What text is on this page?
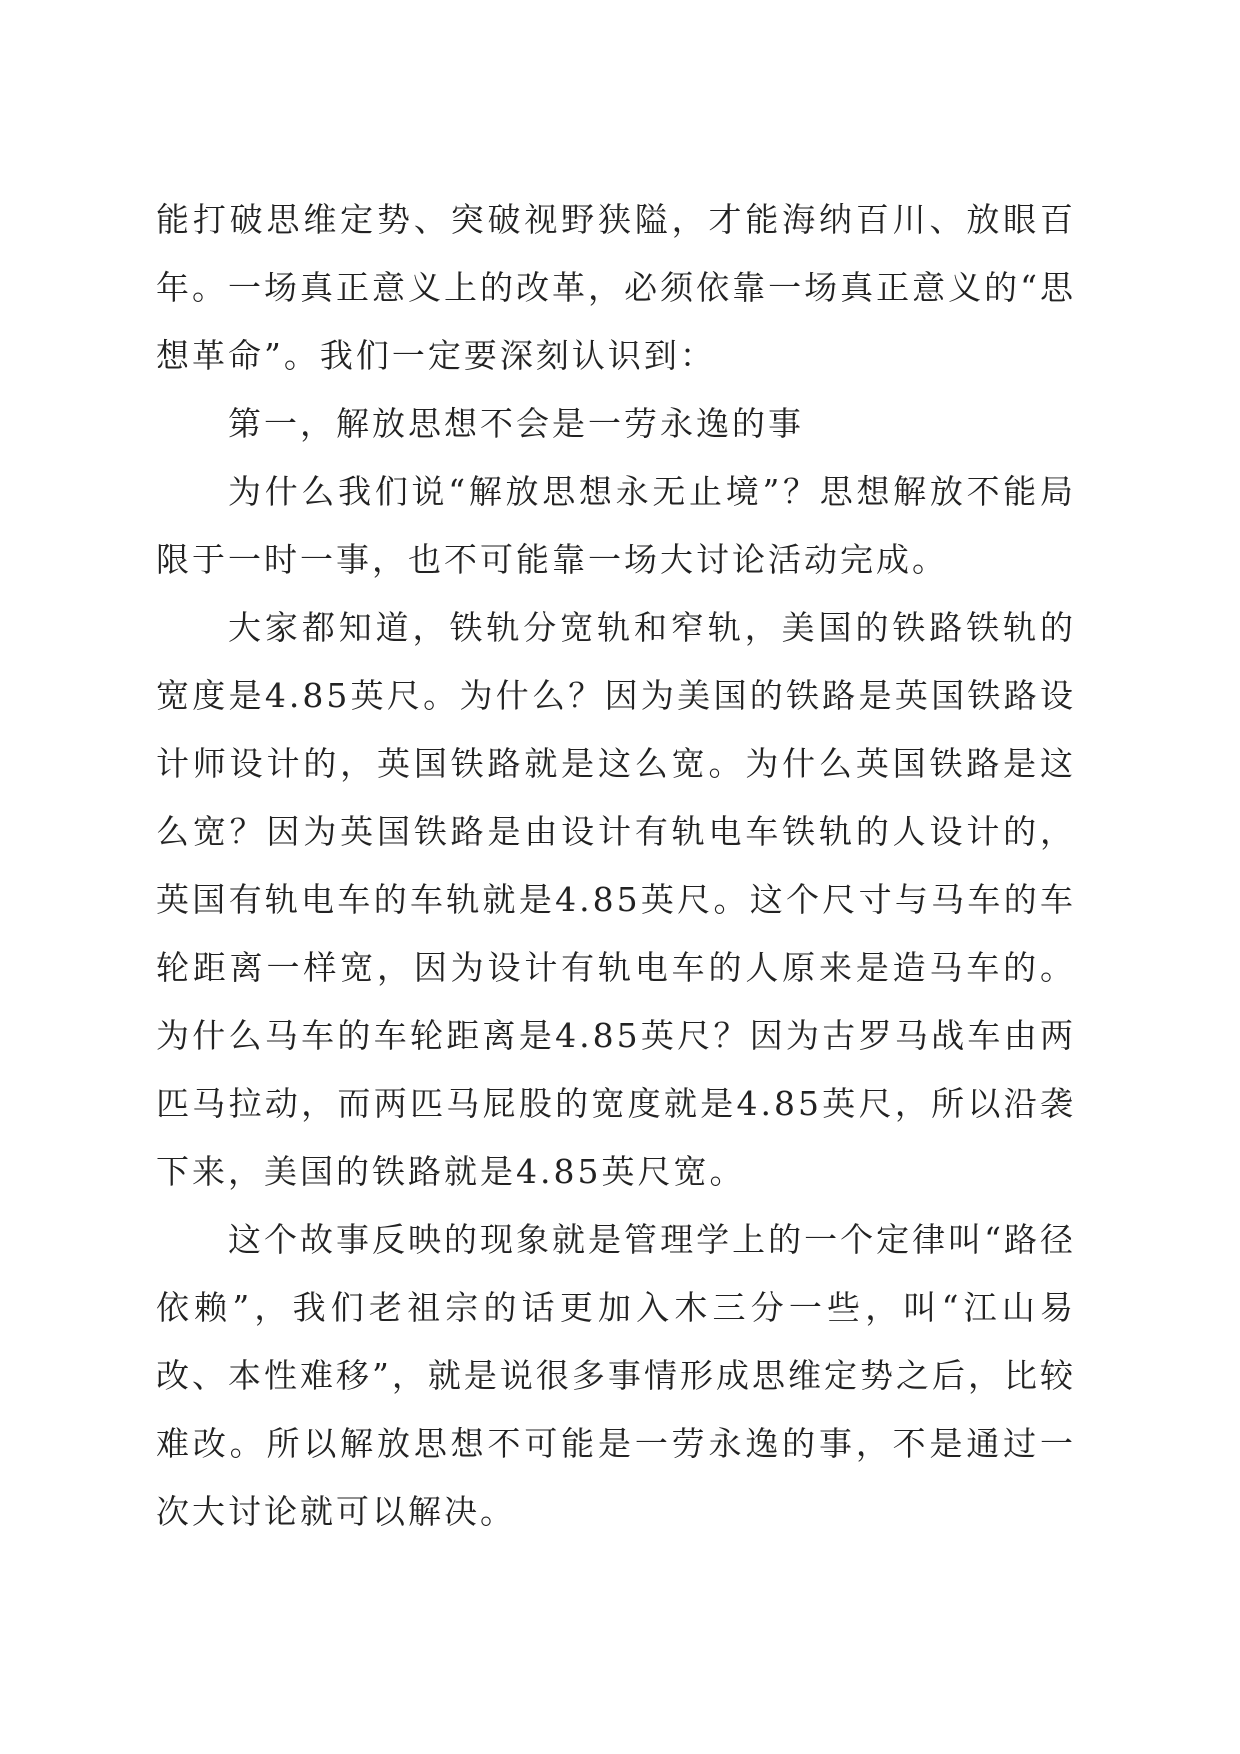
能打破思维定势、突破视野狭隘，才能海纳百川、放眼百年。一场真正意义上的改革，必须依靠一场真正意义的“思想革命”。我们一定要深刻认识到：

第一，解放思想不会是一劳永逸的事

为什么我们说“解放思想永无止境”？思想解放不能局限于一时一事，也不可能靠一场大讨论活动完成。

大家都知道，铁轨分宽轨和窄轨，美国的铁路铁轨的宽度是4.85英尺。为什么？因为美国的铁路是英国铁路设计师设计的，英国铁路就是这么宽。为什么英国铁路是这么宽？因为英国铁路是由设计有轨电车铁轨的人设计的，英国有轨电车的车轨就是4.85英尺。这个尺寸与马车的车轮距离一样宽，因为设计有轨电车的人原来是造马车的。为什么马车的车轮距离是4.85英尺？因为古罗马战车由两匹马拉动，而两匹马屁股的宽度就是4.85英尺，所以沿袭下来，美国的铁路就是4.85英尺宽。

这个故事反映的现象就是管理学上的一个定律叫“路径依赖”，我们老祖宗的话更加入木三分一些，叫“江山易改、本性难移”，就是说很多事情形成思维定势之后，比较难改。所以解放思想不可能是一劳永逸的事，不是通过一次大讨论就可以解决。
